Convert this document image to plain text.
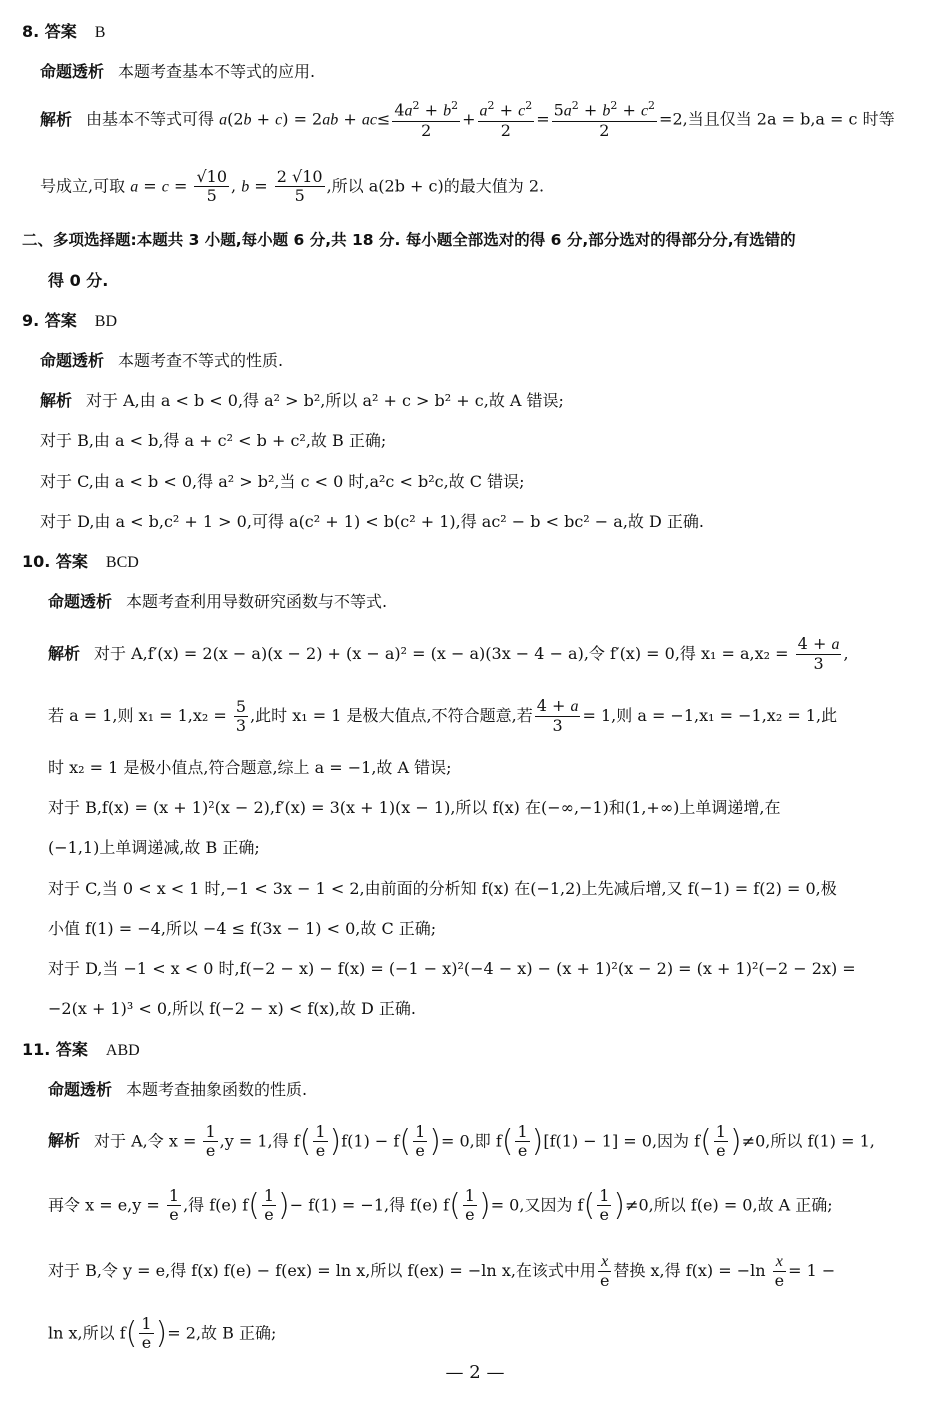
8. 答案 B
命题透析 本题考查基本不等式的应用.
解析 由基本不等式可得 $a(2b + c) = 2ab + ac\le \frac{4a^2 + b^2}{2} + \frac{a^2 + c^2}{2} = \frac{5a^2 + b^2 + c^2}{2} =2$,当且仅当 2a = b,a = c 时等
号成立,可取 $a = c = \frac{√10}{5}$ , $b = \frac{2 √10}{5}$ ,所以 a(2b + c)的最大值为 2.
二、多项选择题:本题共 3 小题,每小题 6 分,共 18 分. 每小题全部选对的得 6 分,部分选对的得部分分,有选错的
得 0 分.
9. 答案 BD
命题透析 本题考查不等式的性质.
解析 对于 A,由 a < b < 0,得 a² > b²,所以 a² + c > b² + c,故 A 错误;
对于 B,由 a < b,得 a + c² < b + c²,故 B 正确;
对于 C,由 a < b < 0,得 a² > b²,当 c < 0 时,a²c < b²c,故 C 错误;
对于 D,由 a < b,c² + 1 > 0,可得 a(c² + 1) < b(c² + 1),得 ac² − b < bc² − a,故 D 正确.
10. 答案 BCD
命题透析 本题考查利用导数研究函数与不等式.
解析 对于 A,f′(x) = 2(x − a)(x − 2) + (x − a)² = (x − a)(3x − 4 − a),令 f′(x) = 0,得 $x_1 = a,x_2 = \frac{4 + a}{3}$ ,
若 a = 1,则 $x_1 = 1,x_2 = \frac{5}{3}$ ,此时 x₁ = 1 是极大值点,不符合题意,若 $\frac{4 + a}{3} = 1$,则 a = −1,x₁ = −1,x₂ = 1,此
时 x₂ = 1 是极小值点,符合题意,综上 a = −1,故 A 错误;
对于 B,f(x) = (x + 1)²(x − 2),f′(x) = 3(x + 1)(x − 1),所以 f(x) 在(−∞,−1)和(1,+∞)上单调递增,在
(−1,1)上单调递减,故 B 正确;
对于 C,当 0 < x < 1 时,−1 < 3x − 1 < 2,由前面的分析知 f(x) 在(−1,2)上先减后增,又 f(−1) = f(2) = 0,极
小值 f(1) = −4,所以 −4 ≤ f(3x − 1) < 0,故 C 正确;
对于 D,当 −1 < x < 0 时,f(−2 − x) − f(x) = (−1 − x)²(−4 − x) − (x + 1)²(x − 2) = (x + 1)²(−2 − 2x) =
−2(x + 1)³ < 0,所以 f(−2 − x) < f(x),故 D 正确.
11. 答案 ABD
命题透析 本题考查抽象函数的性质.
解析 对于 A,令 $x = \frac{1}{e} ,y = 1$,得 $f( \frac{1}{e} )f(1) - f( \frac{1}{e}$ )= 0,即 $f( \frac{1}{e} )[f(1) - 1] = 0$,因为 $f( \frac{1}{e} )\ne 0$,所以 f(1) = 1,
再令 $x = e,y = \frac{1}{e}$ ,得 f(e) $f( \frac{1}{e}$ )− f(1) = −1,得 f(e) $f( \frac{1}{e}$ )= 0,又因为 $f( \frac{1}{e} )\ne 0$,所以 f(e) = 0,故 A 正确;
对于 B,令 y = e,得 f(x) f(e) − f(ex) = ln x,所以 f(ex) = −ln x,在该式中用 $\frac{x}{e}$ 替换 x,得 $f(x) = -\ln \frac{x}{e} = 1$ −
ln x,所以 $f( \frac{1}{e}$ )= 2,故 B 正确;
— 2 —
